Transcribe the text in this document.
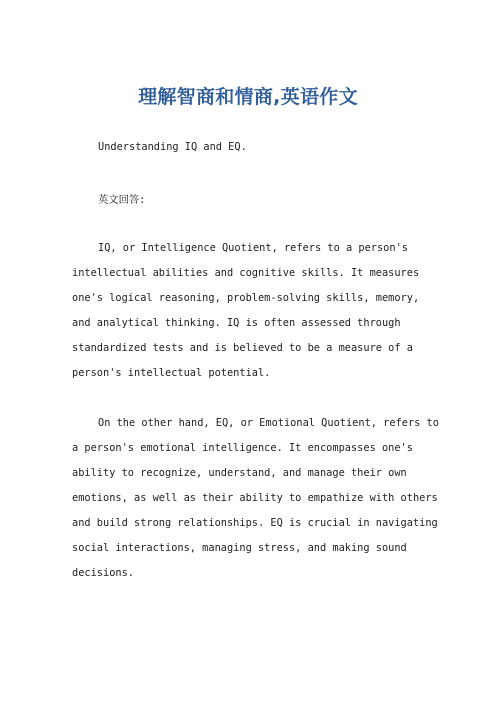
理解智商和情商,英语作文
Understanding IQ and EQ.
英文回答:
IQ, or Intelligence Quotient, refers to a person's
intellectual abilities and cognitive skills. It measures
one's logical reasoning, problem-solving skills, memory,
and analytical thinking. IQ is often assessed through
standardized tests and is believed to be a measure of a
person's intellectual potential.
On the other hand, EQ, or Emotional Quotient, refers to
a person's emotional intelligence. It encompasses one's
ability to recognize, understand, and manage their own
emotions, as well as their ability to empathize with others
and build strong relationships. EQ is crucial in navigating
social interactions, managing stress, and making sound
decisions.
